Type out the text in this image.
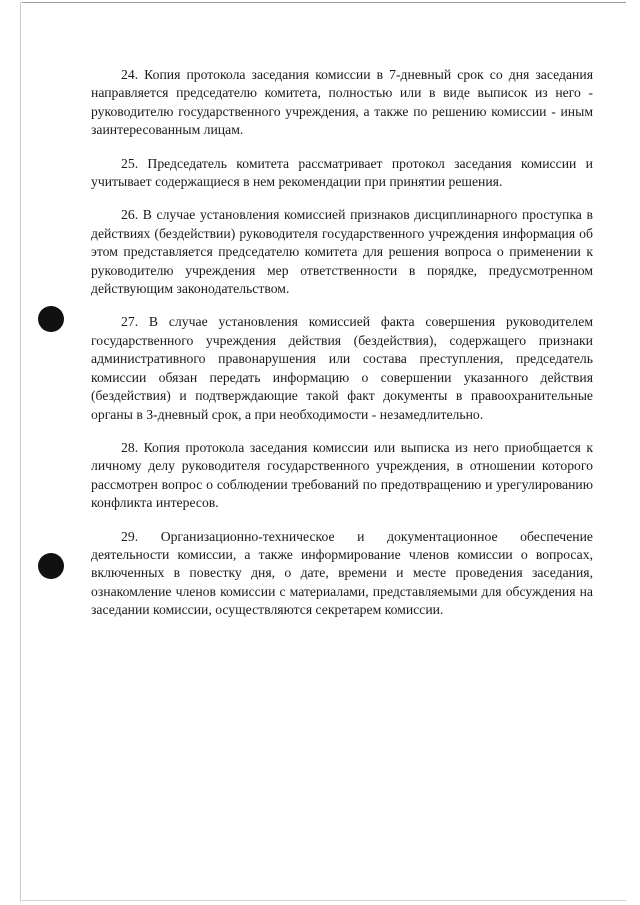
24. Копия протокола заседания комиссии в 7-дневный срок со дня заседания направляется председателю комитета, полностью или в виде выписок из него - руководителю государственного учреждения, а также по решению комиссии - иным заинтересованным лицам.

25. Председатель комитета рассматривает протокол заседания комиссии и учитывает содержащиеся в нем рекомендации при принятии решения.

26. В случае установления комиссией признаков дисциплинарного проступка в действиях (бездействии) руководителя государственного учреждения информация об этом представляется председателю комитета для решения вопроса о применении к руководителю учреждения мер ответственности в порядке, предусмотренном действующим законодательством.

27. В случае установления комиссией факта совершения руководителем государственного учреждения действия (бездействия), содержащего признаки административного правонарушения или состава преступления, председатель комиссии обязан передать информацию о совершении указанного действия (бездействия) и подтверждающие такой факт документы в правоохранительные органы в 3-дневный срок, а при необходимости - незамедлительно.

28. Копия протокола заседания комиссии или выписка из него приобщается к личному делу руководителя государственного учреждения, в отношении которого рассмотрен вопрос о соблюдении требований по предотвращению и урегулированию конфликта интересов.

29. Организационно-техническое и документационное обеспечение деятельности комиссии, а также информирование членов комиссии о вопросах, включенных в повестку дня, о дате, времени и месте проведения заседания, ознакомление членов комиссии с материалами, представляемыми для обсуждения на заседании комиссии, осуществляются секретарем комиссии.
